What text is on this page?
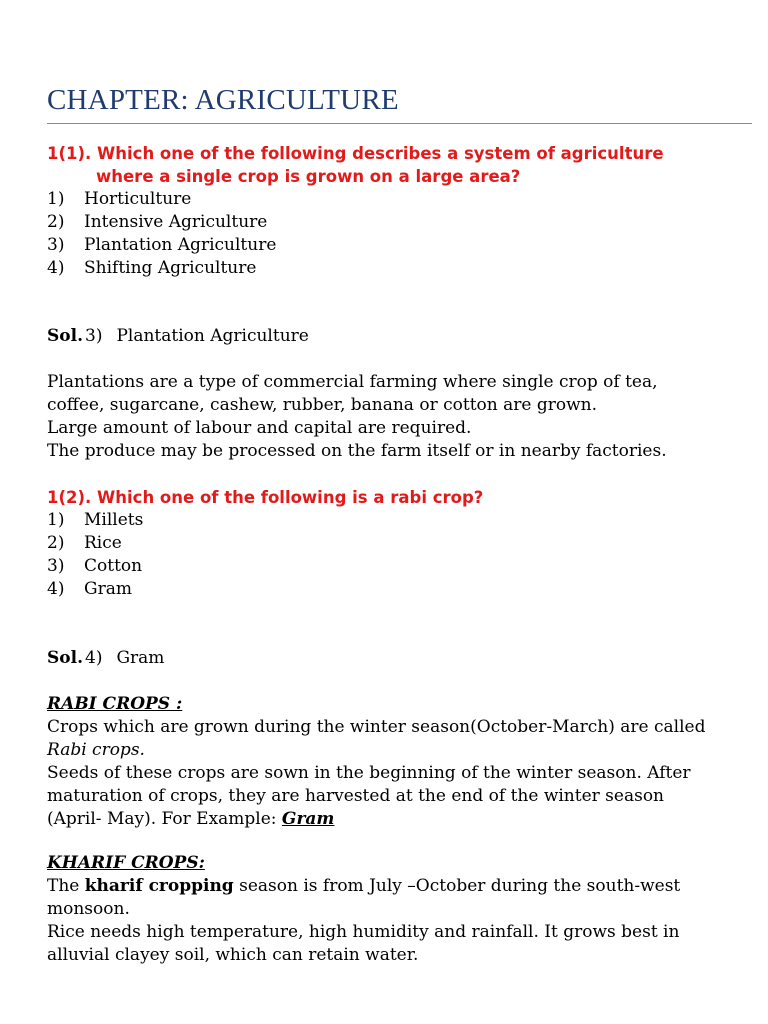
CHAPTER: AGRICULTURE
1(1). Which one of the following describes a system of agriculture
where a single crop is grown on a large area?
1)	Horticulture
2)	Intensive Agriculture
3)	Plantation Agriculture
4)	Shifting Agriculture
Sol. 3) Plantation Agriculture
Plantations are a type of commercial farming where single crop of tea,
coffee, sugarcane, cashew, rubber, banana or cotton are grown.
Large amount of labour and capital are required.
The produce may be processed on the farm itself or in nearby factories.
1(2). Which one of the following is a rabi crop?
1)	Millets
2)	Rice
3)	Cotton
4)	Gram
Sol. 4) Gram
RABI CROPS :
Crops which are grown during the winter season(October-March) are called
Rabi crops.
Seeds of these crops are sown in the beginning of the winter season. After
maturation of crops, they are harvested at the end of the winter season
(April- May). For Example: Gram
KHARIF CROPS:
The kharif cropping season is from July –October during the south-west
monsoon.
Rice needs high temperature, high humidity and rainfall. It grows best in
alluvial clayey soil, which can retain water.
